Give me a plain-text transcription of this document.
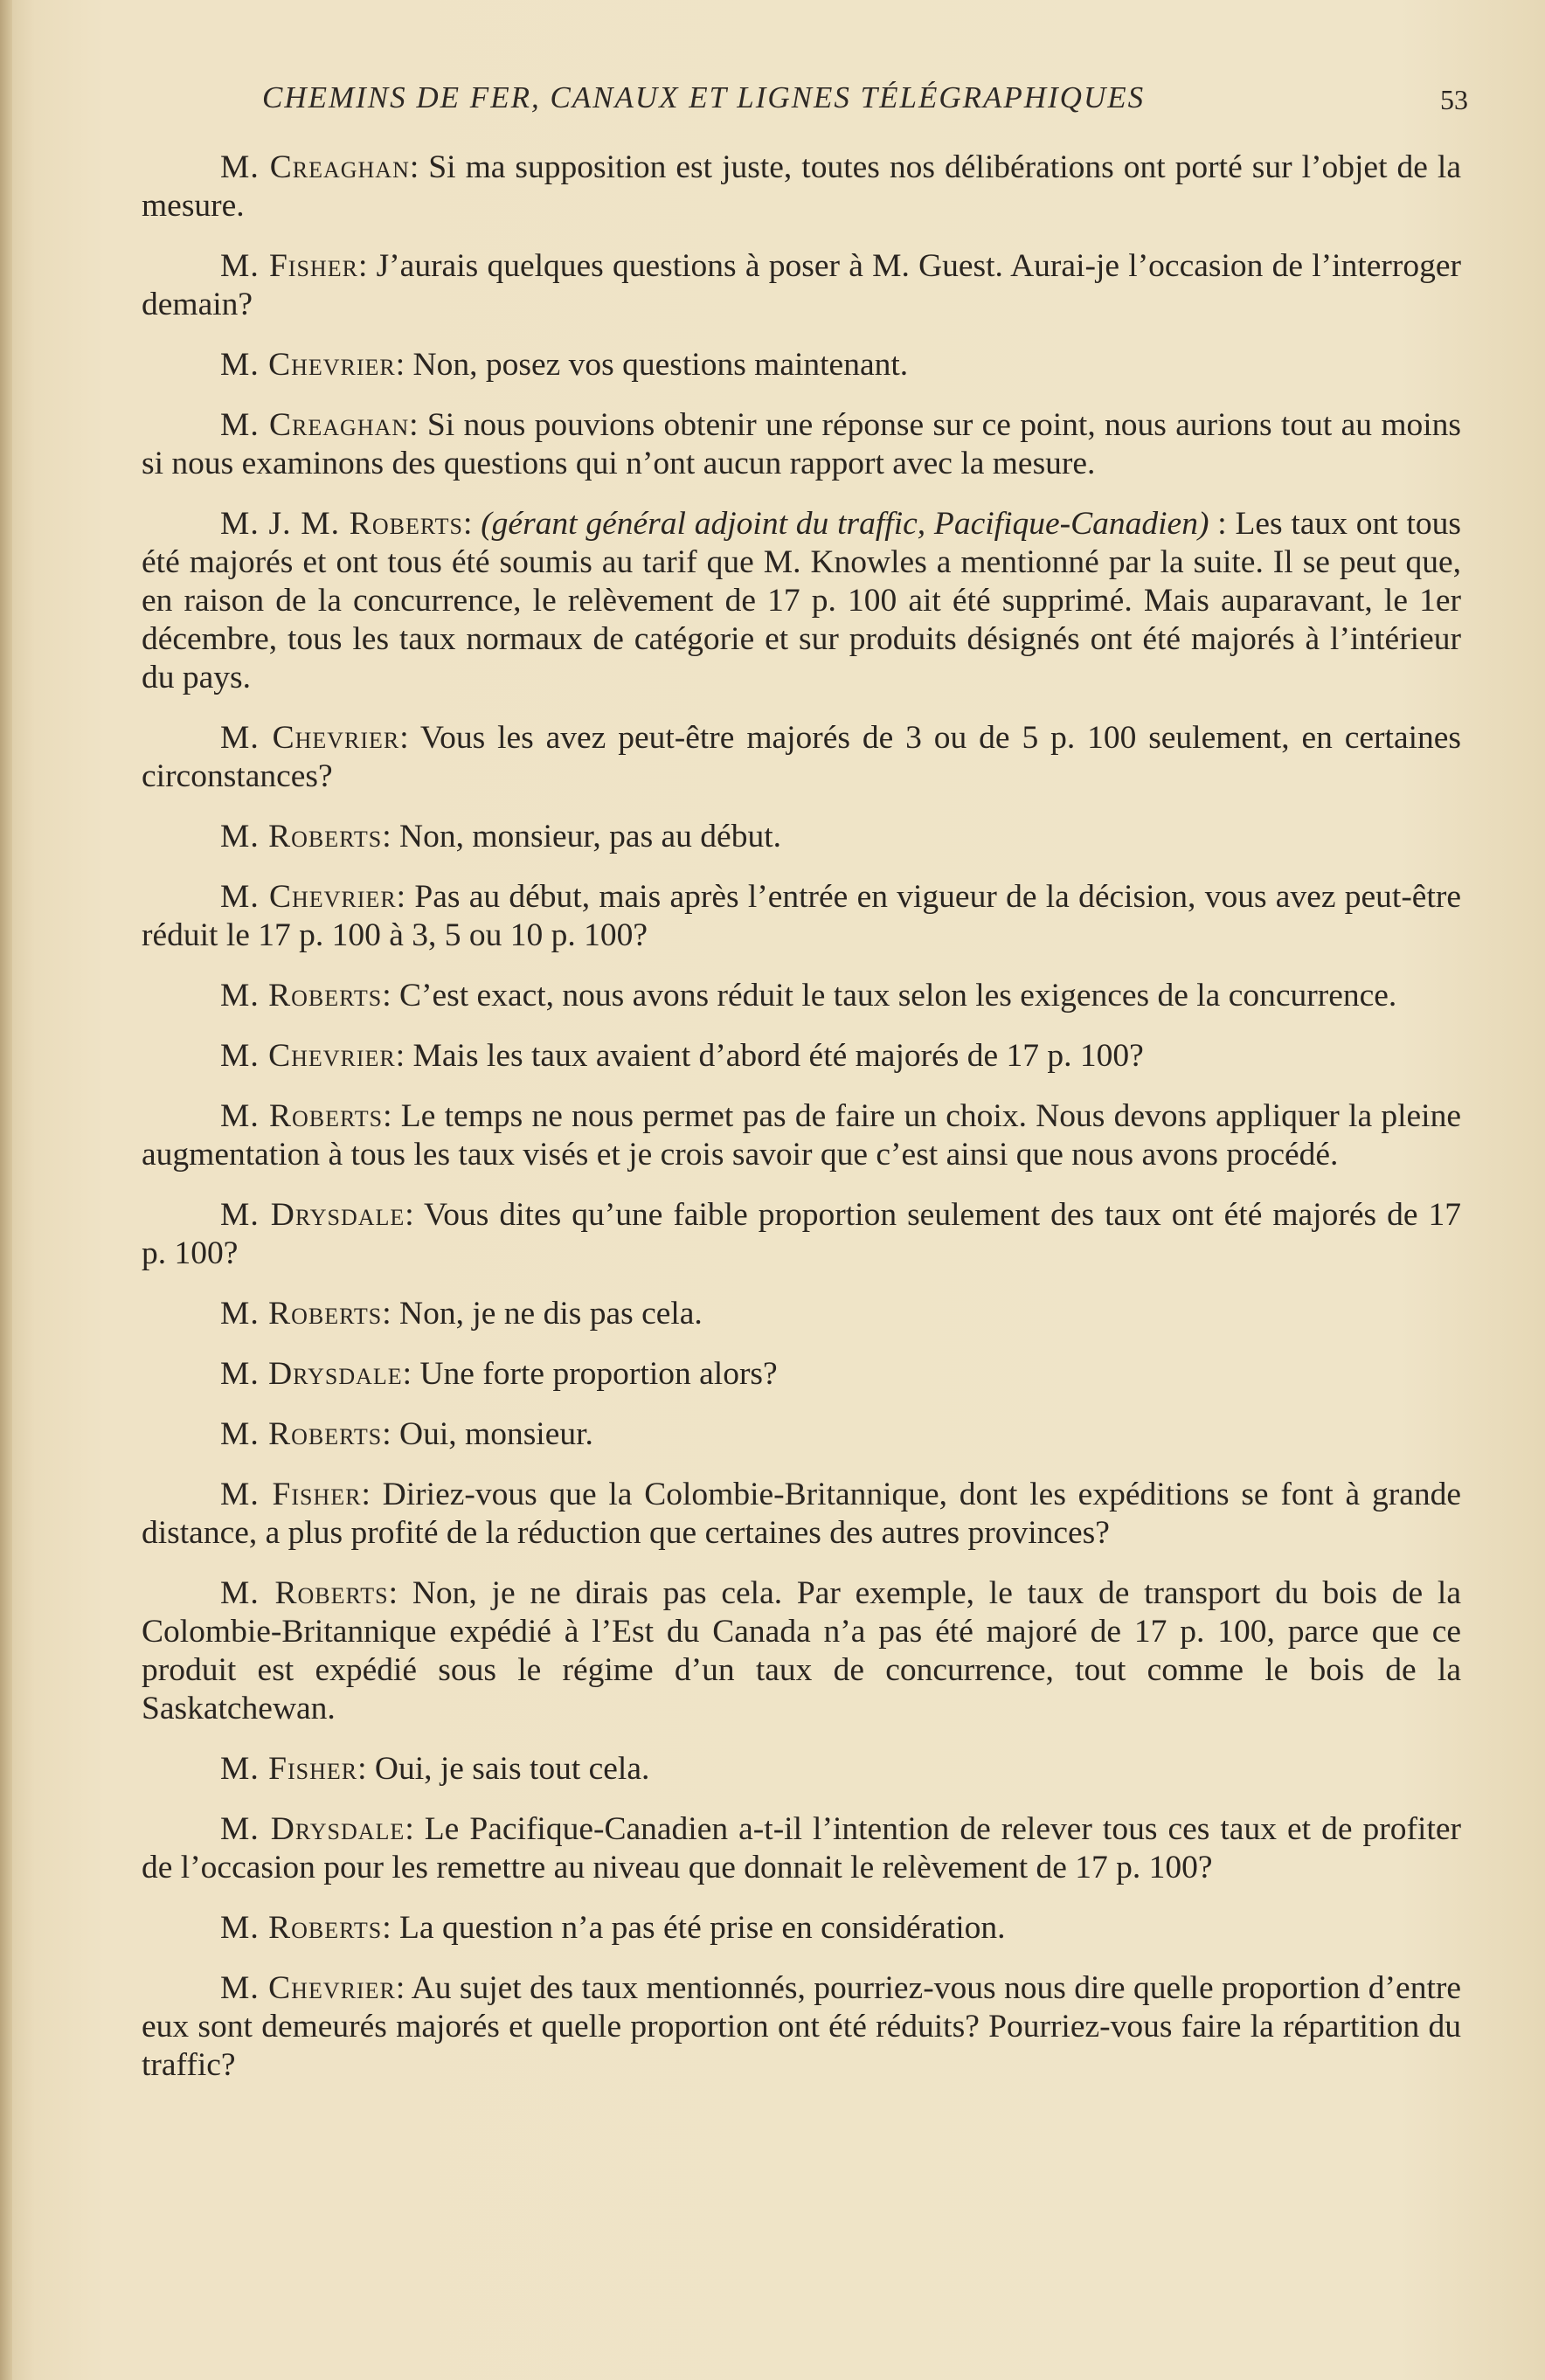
CHEMINS DE FER, CANAUX ET LIGNES TÉLÉGRAPHIQUES	53

M. Creaghan: Si ma supposition est juste, toutes nos délibérations ont porté sur l’objet de la mesure.

M. Fisher: J’aurais quelques questions à poser à M. Guest. Aurai-je l’occasion de l’interroger demain?

M. Chevrier: Non, posez vos questions maintenant.

M. Creaghan: Si nous pouvions obtenir une réponse sur ce point, nous aurions tout au moins si nous examinons des questions qui n’ont aucun rapport avec la mesure.

M. J. M. Roberts: (gérant général adjoint du traffic, Pacifique-Canadien) : Les taux ont tous été majorés et ont tous été soumis au tarif que M. Knowles a mentionné par la suite. Il se peut que, en raison de la concurrence, le relèvement de 17 p. 100 ait été supprimé. Mais auparavant, le 1er décembre, tous les taux normaux de catégorie et sur produits désignés ont été majorés à l’intérieur du pays.

M. Chevrier: Vous les avez peut-être majorés de 3 ou de 5 p. 100 seulement, en certaines circonstances?

M. Roberts: Non, monsieur, pas au début.

M. Chevrier: Pas au début, mais après l’entrée en vigueur de la décision, vous avez peut-être réduit le 17 p. 100 à 3, 5 ou 10 p. 100?

M. Roberts: C’est exact, nous avons réduit le taux selon les exigences de la concurrence.

M. Chevrier: Mais les taux avaient d’abord été majorés de 17 p. 100?

M. Roberts: Le temps ne nous permet pas de faire un choix. Nous devons appliquer la pleine augmentation à tous les taux visés et je crois savoir que c’est ainsi que nous avons procédé.

M. Drysdale: Vous dites qu’une faible proportion seulement des taux ont été majorés de 17 p. 100?

M. Roberts: Non, je ne dis pas cela.

M. Drysdale: Une forte proportion alors?

M. Roberts: Oui, monsieur.

M. Fisher: Diriez-vous que la Colombie-Britannique, dont les expéditions se font à grande distance, a plus profité de la réduction que certaines des autres provinces?

M. Roberts: Non, je ne dirais pas cela. Par exemple, le taux de transport du bois de la Colombie-Britannique expédié à l’Est du Canada n’a pas été majoré de 17 p. 100, parce que ce produit est expédié sous le régime d’un taux de concurrence, tout comme le bois de la Saskatchewan.

M. Fisher: Oui, je sais tout cela.

M. Drysdale: Le Pacifique-Canadien a-t-il l’intention de relever tous ces taux et de profiter de l’occasion pour les remettre au niveau que donnait le relèvement de 17 p. 100?

M. Roberts: La question n’a pas été prise en considération.

M. Chevrier: Au sujet des taux mentionnés, pourriez-vous nous dire quelle proportion d’entre eux sont demeurés majorés et quelle proportion ont été réduits? Pourriez-vous faire la répartition du traffic?
